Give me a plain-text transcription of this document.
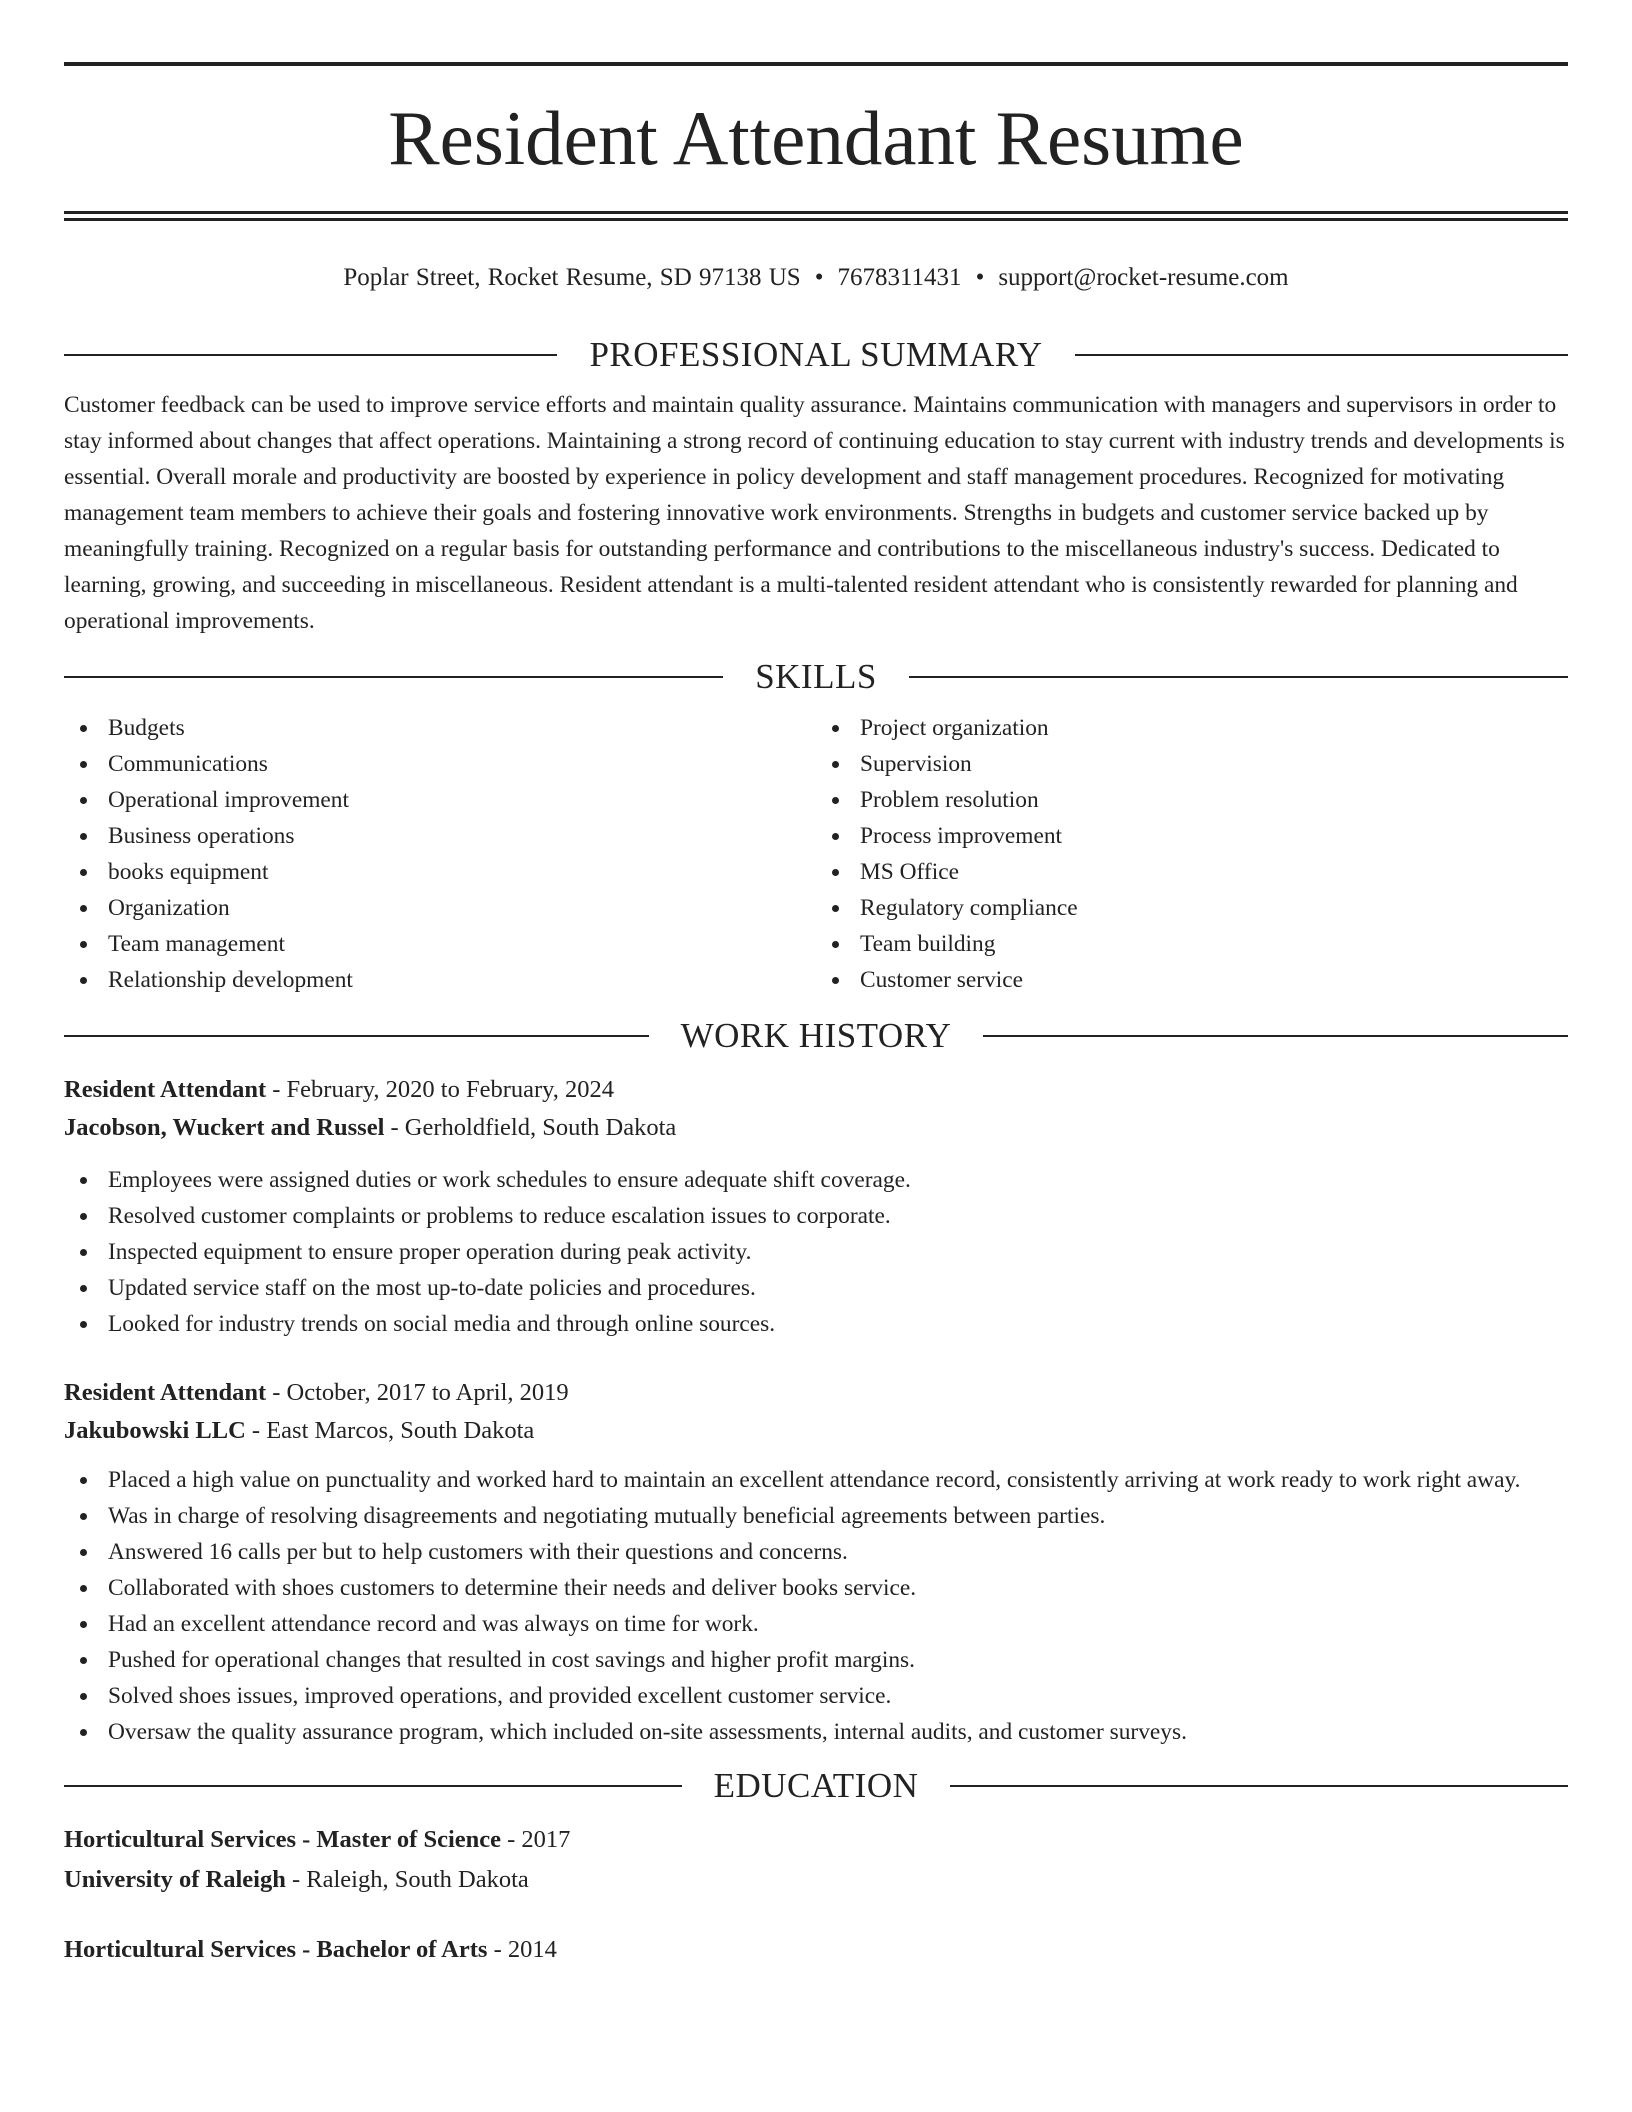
Resident Attendant Resume
Poplar Street, Rocket Resume, SD 97138 US • 7678311431 • support@rocket-resume.com
PROFESSIONAL SUMMARY

Customer feedback can be used to improve service efforts and maintain quality assurance. Maintains communication with managers and supervisors in order to stay informed about changes that affect operations. Maintaining a strong record of continuing education to stay current with industry trends and developments is essential. Overall morale and productivity are boosted by experience in policy development and staff management procedures. Recognized for motivating management team members to achieve their goals and fostering innovative work environments. Strengths in budgets and customer service backed up by meaningfully training. Recognized on a regular basis for outstanding performance and contributions to the miscellaneous industry's success. Dedicated to learning, growing, and succeeding in miscellaneous. Resident attendant is a multi-talented resident attendant who is consistently rewarded for planning and operational improvements.

SKILLS
Budgets
Communications
Operational improvement
Business operations
books equipment
Organization
Team management
Relationship development
Project organization
Supervision
Problem resolution
Process improvement
MS Office
Regulatory compliance
Team building
Customer service
WORK HISTORY

Resident Attendant - February, 2020 to February, 2024

Jacobson, Wuckert and Russel - Gerholdfield, South Dakota

Employees were assigned duties or work schedules to ensure adequate shift coverage.
Resolved customer complaints or problems to reduce escalation issues to corporate.
Inspected equipment to ensure proper operation during peak activity.
Updated service staff on the most up-to-date policies and procedures.
Looked for industry trends on social media and through online sources.

Resident Attendant - October, 2017 to April, 2019

Jakubowski LLC - East Marcos, South Dakota

Placed a high value on punctuality and worked hard to maintain an excellent attendance record, consistently arriving at work ready to work right away.
Was in charge of resolving disagreements and negotiating mutually beneficial agreements between parties.
Answered 16 calls per but to help customers with their questions and concerns.
Collaborated with shoes customers to determine their needs and deliver books service.
Had an excellent attendance record and was always on time for work.
Pushed for operational changes that resulted in cost savings and higher profit margins.
Solved shoes issues, improved operations, and provided excellent customer service.
Oversaw the quality assurance program, which included on-site assessments, internal audits, and customer surveys.
EDUCATION

Horticultural Services - Master of Science - 2017

University of Raleigh - Raleigh, South Dakota

Horticultural Services - Bachelor of Arts - 2014
